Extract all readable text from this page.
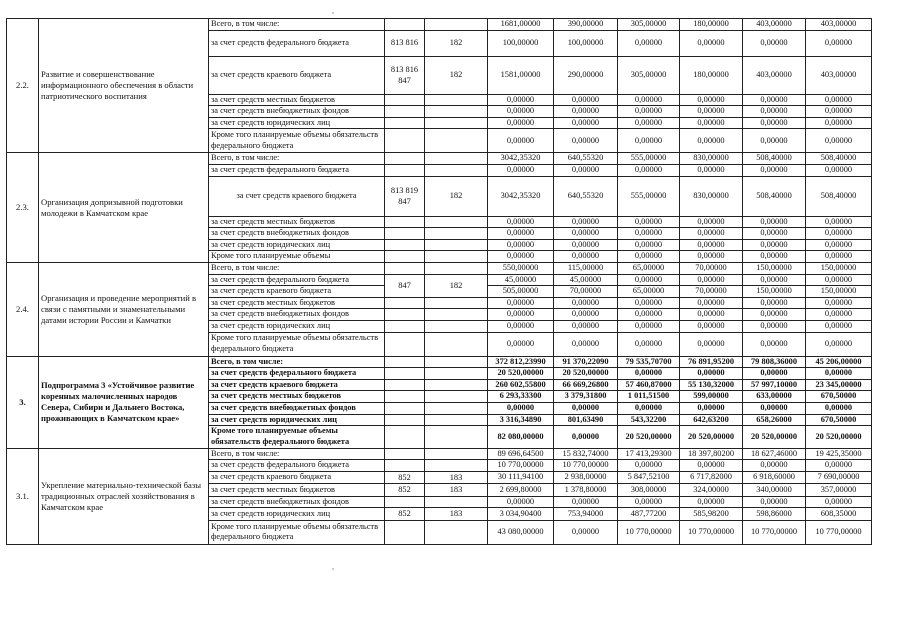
2.2.	Развитие и совершенствование информационного обеспечения в области патриотического воспитания	Всего, в том числе:			1681,00000	390,00000	305,00000	180,00000	403,00000	403,00000
		за счет средств федерального бюджета	813 816	182	100,00000	100,00000	0,00000	0,00000	0,00000	0,00000
		за счет средств краевого бюджета	813 816 847	182	1581,00000	290,00000	305,00000	180,00000	403,00000	403,00000
		за счет средств местных бюджетов			0,00000	0,00000	0,00000	0,00000	0,00000	0,00000
		за счет средств внебюджетных фондов			0,00000	0,00000	0,00000	0,00000	0,00000	0,00000
		за счет средств юридических лиц			0,00000	0,00000	0,00000	0,00000	0,00000	0,00000
		Кроме того планируемые объемы обязательств федерального бюджета			0,00000	0,00000	0,00000	0,00000	0,00000	0,00000
2.3.	Организация допризывной подготовки молодежи в Камчатском крае	Всего, в том числе:			3042,35320	640,55320	555,00000	830,00000	508,40000	508,40000
		за счет средств федерального бюджета			0,00000	0,00000	0,00000	0,00000	0,00000	0,00000
		за счет средств краевого бюджета	813 819 847	182	3042,35320	640,55320	555,00000	830,00000	508,40000	508,40000
		за счет средств местных бюджетов			0,00000	0,00000	0,00000	0,00000	0,00000	0,00000
		за счет средств внебюджетных фондов			0,00000	0,00000	0,00000	0,00000	0,00000	0,00000
		за счет средств юридических лиц			0,00000	0,00000	0,00000	0,00000	0,00000	0,00000
		Кроме того планируемые объемы			0,00000	0,00000	0,00000	0,00000	0,00000	0,00000
2.4.	Организация и проведение мероприятий в связи с памятными и знаменательными датами истории России и Камчатки	Всего, в том числе:			550,00000	115,00000	65,00000	70,00000	150,00000	150,00000
		за счет средств федерального бюджета	847	182	45,00000	45,00000	0,00000	0,00000	0,00000	0,00000
		за счет средств краевого бюджета			505,00000	70,00000	65,00000	70,00000	150,00000	150,00000
		за счет средств местных бюджетов			0,00000	0,00000	0,00000	0,00000	0,00000	0,00000
		за счет средств внебюджетных фондов			0,00000	0,00000	0,00000	0,00000	0,00000	0,00000
		за счет средств юридических лиц			0,00000	0,00000	0,00000	0,00000	0,00000	0,00000
		Кроме того планируемые объемы обязательств федерального бюджета			0,00000	0,00000	0,00000	0,00000	0,00000	0,00000
3.	Подпрограмма 3 «Устойчивое развитие коренных малочисленных народов Севера, Сибири и Дальнего Востока, проживающих в Камчатском крае»	Всего, в том числе:			372 812,23990	91 370,22090	79 535,70700	76 891,95200	79 808,36000	45 206,00000
		за счет средств федерального бюджета			20 520,00000	20 520,00000	0,00000	0,00000	0,00000	0,00000
		за счет средств краевого бюджета			260 602,55800	66 669,26800	57 460,87000	55 130,32000	57 997,10000	23 345,00000
		за счет средств местных бюджетов			6 293,33300	3 379,31800	1 011,51500	599,00000	633,00000	670,50000
		за счет средств внебюджетных фондов			0,00000	0,00000	0,00000	0,00000	0,00000	0,00000
		за счет средств юридических лиц			3 316,34890	801,63490	543,32200	642,63200	658,26000	670,50000
		Кроме того планируемые объемы обязательств федерального бюджета			82 080,00000	0,00000	20 520,00000	20 520,00000	20 520,00000	20 520,00000
3.1.	Укрепление материально-технической базы традиционных отраслей хозяйствования в Камчатском крае	Всего, в том числе:			89 696,64500	15 832,74000	17 413,29300	18 397,80200	18 627,46000	19 425,35000
		за счет средств федерального бюджета			10 770,00000	10 770,00000	0,00000	0,00000	0,00000	0,00000
		за счет средств краевого бюджета	852	183	30 111,94100	2 938,00000	5 847,52100	6 717,82000	6 918,60000	7 690,00000
		за счет средств местных бюджетов	852	183	2 699,80000	1 378,80000	308,00000	324,00000	340,00000	357,00000
		за счет средств внебюджетных фондов			0,00000	0,00000	0,00000	0,00000	0,00000	0,00000
		за счет средств юридических лиц	852	183	3 034,90400	753,94000	487,77200	585,98200	598,86000	608,35000
		Кроме того планируемые объемы обязательств федерального бюджета			43 080,00000	0,00000	10 770,00000	10 770,00000	10 770,00000	10 770,00000
